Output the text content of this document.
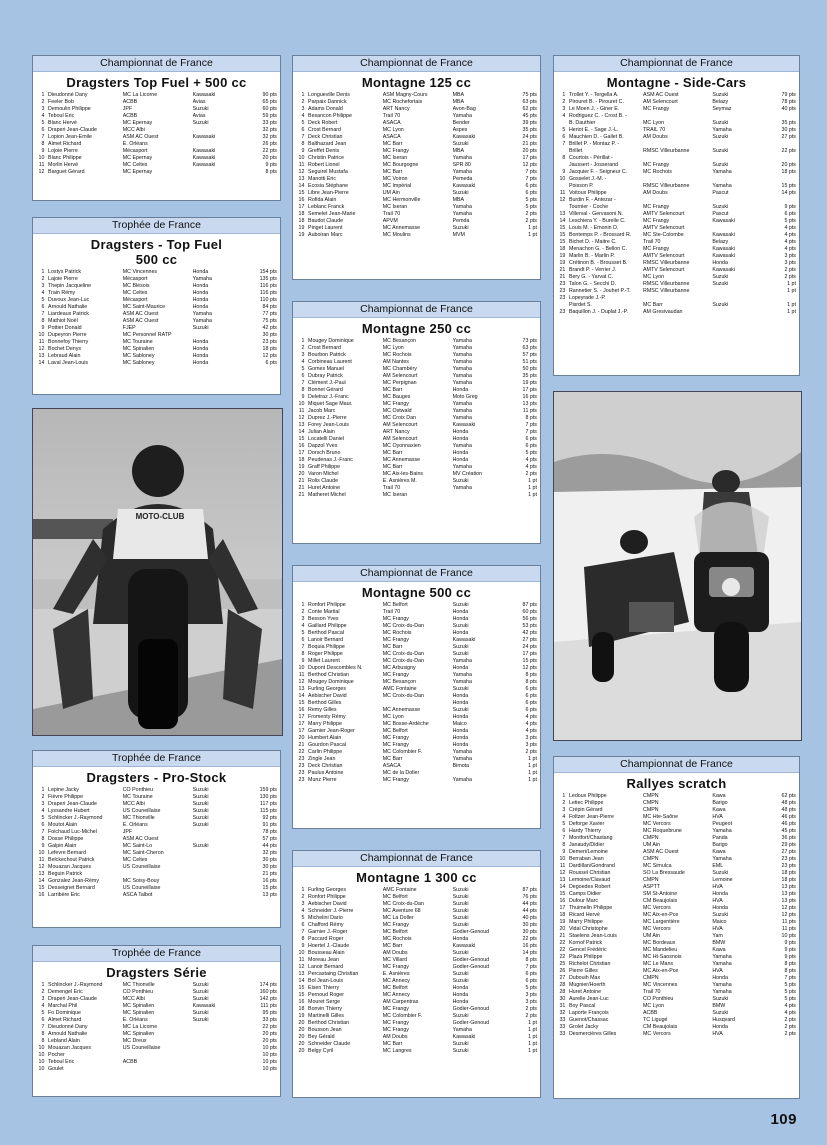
Championnat de France
Dragsters Top Fuel + 500 cc
1 Dieudonné Dany	MC La Licorne	Kawasaki	90 pts
2 Feeler Bob	ACBB	Avias	65 pts
3 Demoulin Philippe	JPF	Suzuki	60 pts
4 Teboul Eric	ACBB	Avias	59 pts
5 Blanc Hervé	MC Epernay	Suzuki	33 pts
6 Draperi Jean-Claude	MCC Albi	32 pts
7 Lopion Jean-Emile	ASM AC Ouest	Kawasaki	32 pts
8 Almet Richard	E. Orléans	26 pts
9 Lojoie Pierre	Mécasport	Kawasaki	22 pts
10 Blanc Philippe	MC Epernay	Kawasaki	20 pts
11 Morlin Hervé	MC Celtes	Kawasaki	9 pts
12 Barguet Gérard	MC Epernay	8 pts
Trophée de France
Dragsters - Top Fuel
500 cc
1 Lostys Patrick	MC Vincennes	Honda	154 pts
2 Lajoie Pierre	Mécasport	Yamaha	135 pts
3 Thepin Jacqueline	MC Blésois	Honda	116 pts
4 Train Rémy	MC Celtes	Honda	116 pts
5 Duvoux Jean-Luc	Mécasport	Honda	110 pts
6 Arnould Nathalie	MC Saint-Maurice	Honda	84 pts
7 Liardeaux Patrick	ASM AC Ouest	Yamaha	77 pts
8 Mathiot Noël	ASM AC Ouest	Yamaha	75 pts
9 Pottier Donald	FJEP	Suzuki	42 pts
10 Dupeyron Pierre	MC Personnel RATP	30 pts
11 Bonnefoy Thierry	MC Touraine	Honda	23 pts
12 Bochet Denys	MC Spinalien	Honda	18 pts
13 Lebraud Alain	MC Sabloney	Honda	12 pts
14 Laval Jean-Louis	MC Sabloney	Honda	6 pts
MOTO-CLUB
Trophée de France
Dragsters - Pro-Stock
1 Lepine Jacky	CO Ponthieu	Suzuki	159 pts
2 Fièvre Philippe	MC Touraine	Suzuki	130 pts
3 Draperi Jean-Claude	MCC Albi	Suzuki	117 pts
4 Lyssandre Hubert	US Couneillaise	Suzuki	115 pts
5 Schlincker J.-Raymond	MC Thionville	Suzuki	92 pts
6 Moutot Alain	E. Orléans	Suzuki	91 pts
7 Foichaud Luc-Michel	JPF	78 pts
8 Dosse Philippe	ASM AC Ouest	57 pts
9 Galpin Alain	MC Saint-Lo	Suzuki	44 pts
10 Lefevre Bernard	MC Saint-Cheron	32 pts
11 Belckechout Patrick	MC Celtes	30 pts
12 Mouazan Jacques	US Couneillaise	30 pts
13 Beguin Patrick	21 pts
14 Gonzalez Jean-Rémy	MC Soisy-Bouy	16 pts
15 Desseignet Bernard	US Couneillaise	15 pts
16 Larribère Eric	ASCA Talbot	13 pts
Trophée de France
Dragsters Série
1 Schlincker J.-Raymond	MC Thionville	Suzuki	174 pts
2 Demengel Eric	CO Ponthieu	Suzuki	160 pts
3 Draperi Jean-Claude	MCC Albi	Suzuki	142 pts
4 Marchal Phil	MC Spinalien	Kawasaki	111 pts
5 Fo Dominique	MC Spinalien	Suzuki	95 pts
6 Almet Richard	E. Orléans	Suzuki	33 pts
7 Dieudonné Dany	MC La Licorne	22 pts
8 Arnould Nathalie	MC Spinalien	20 pts
8 Lebland Alain	MC Dreux	20 pts
10 Mouazan Jacques	US Couneillaise	10 pts
10 Pocher	10 pts
10 Teboul Eric	ACBB	10 pts
10 Goulet	10 pts
Championnat de France
Montagne 125 cc
1 Longueville Denis	ASM Magny-Cours	MBA	75 pts
2 Parpaix Dannick	MC Rochefortais	MBA	63 pts
3 Adams Donald	ART Nancy	Avon-Bag	62 pts
4 Besancon Philippe	Trail 70	Yamaha	45 pts
5 Deck Robert	ASACA	Bender	39 pts
6 Crost Bernard	MC Lyon	Aspes	35 pts
7 Deck Christian	ASACA	Kawasaki	24 pts
8 Balthazard Jean	MC Barr	Suzuki	21 pts
9 Greffet Denis	MC Frangy	MBA	20 pts
10 Christin Patrice	MC Iseran	Yamaha	17 pts
11 Robert Lionel	MC Bourgogne	SPR 80	12 pts
12 Seguirel Mustafa	MC Barr	Yamaha	7 pts
13 Manotti Eric	MC Voiron	Pemeda	7 pts
14 Ecosia Stéphane	MC Impérial	Kawasaki	6 pts
15 Libre Jean-Pierre	UM Ain	Suzuki	6 pts
16 Rofida Alain	MC Hermonville	MBA	5 pts
17 Leblanc Franck	MC Iseran	Yamaha	5 pts
18 Semelet Jean-Marie	Trail 70	Yamaha	2 pts
18 Baudot Claude	APVM	Pemda	2 pts
19 Pinget Laurent	MC Annemasse	Suzuki	1 pt
19 Auboiran Marc	MC Moulins	MVM	1 pt
Championnat de France
Montagne 250 cc
1 Mougey Dominique	MC Besançon	Yamaha	73 pts
2 Crost Bernard	MC Lyon	Yamaha	63 pts
3 Bourbon Patrick	MC Rochois	Yamaha	57 pts
4 Corbineau Laurent	AM Nantes	Yamaha	51 pts
5 Gomes Manuel	MC Chambéry	Yamaha	50 pts
6 Dubray Patrick	AM Selencourt	Yamaha	35 pts
7 Clément J.-Paul	MC Perpignan	Yamaha	19 pts
8 Bonnet Gérard	MC Barr	Honda	17 pts
9 Deletraz J.-Franc	MC Bauges	Moto Greg	16 pts
10 Miquet Sage Maur.	MC Frangy	Yamaha	13 pts
11 Jacob Marc	MC Ostwald	Yamaha	11 pts
12 Duprez J.-Pierre	MC Croix Dan	Yamaha	8 pts
13 Forey Jean-Louis	AM Selencourt	Kawasaki	7 pts
14 Julian Alain	ART Nancy	Honda	7 pts
15 Locatelli Daniel	AM Selencourt	Honda	6 pts
16 Dapzol Yves	MC Oyonnaxien	Yamaha	6 pts
17 Dorsch Bruno	MC Barr	Honda	5 pts
18 Peudenas J.-Franc	MC Annemasse	Honda	4 pts
19 Graff Philippe	MC Barr	Yamaha	4 pts
20 Varon Michel	MC Aix-les-Bains	MV Création	2 pts
21 Rolis Claude	E. Asnières M.	Suzuki	1 pt
21 Huret Antoine	Trail 70	Yamaha	1 pt
21 Matheret Michel	MC Iseran	1 pt
Championnat de France
Montagne 500 cc
1 Ronfort Philippe	MC Belfort	Suzuki	87 pts
2 Conte Martial	Trail 70	Honda	60 pts
3 Besson Yves	MC Frangy	Honda	56 pts
4 Gaillard Philippe	MC Croix-du-Dan	Suzuki	53 pts
5 Berthod Pascal	MC Rochois	Honda	42 pts
6 Lanoir Bernard	MC Frangy	Kawasaki	27 pts
7 Boquia Philippe	MC Barr	Suzuki	24 pts
8 Roger Philippe	MC Croix-du-Dan	Suzuki	17 pts
9 Millet Laurent	MC Croix-du-Dan	Yamaha	15 pts
10 Dupont Descombles N.	MC Arbusigny	Honda	12 pts
11 Berthod Christian	MC Frangy	Yamaha	8 pts
12 Mougey Dominique	MC Besançon	Yamaha	8 pts
13 Furling Georges	AMC Fontaine	Suzuki	6 pts
14 Aebischer David	MC Croix-du-Dan	Honda	6 pts
15 Berthod Gilles	Honda	6 pts
16 Remy Gilles	MC Annemasse	Suzuki	6 pts
17 Fromenty Rémy	MC Lyon	Honda	4 pts
17 Marry Philippe	MC Bosse-Ardèche	Maico	4 pts
17 Garnier Jean-Roger	MC Belfort	Honda	4 pts
20 Humbert Alain	MC Frangy	Honda	3 pts
21 Gourdon Pascal	MC Frangy	Honda	3 pts
22 Carlin Philippe	MC Colombier F.	Yamaha	2 pts
23 Zingle Jean	MC Barr	Yamaha	1 pt
23 Deck Christian	ASACA	Bimota	1 pt
23 Paulus Antoine	MC de la Doller	1 pt
23 Munz Pierre	MC Frangy	Yamaha	1 pt
Championnat de France
Montagne 1 300 cc
1 Furling Georges	AMC Fontaine	Suzuki	87 pts
2 Ronfort Philippe	MC Belfort	Suzuki	76 pts
3 Aebischer David	MC Croix-du-Dan	Suzuki	44 pts
4 Schneider J.-Pierre	MC Aventure 68	Suzuki	44 pts
5 Michelini Dario	MC La Doller	Suzuki	40 pts
6 Chafford Rémy	MC Frangy	Suzuki	30 pts
7 Garnier J.-Roger	MC Belfort	Godier-Genoud	30 pts
8 Paccard Roger	MC Rochois	Honda	22 pts
9 Hoertel J.-Claude	MC Barr	Kawasaki	16 pts
10 Bousseau Alain	AM Doubs	Suzuki	14 pts
11 Moreau Jean	MC Villard	Godier-Genoud	8 pts
12 Lanoir Bernard	MC Frangy	Godier-Genoud	7 pts
13 Percastaing Christian	E. Asnières	Suzuki	6 pts
14 Bol Jean-Louis	MC Annecy	Suzuki	6 pts
15 Eisen Thierry	MC Belfort	Honda	5 pts
15 Pernoud Roger	MC Annecy	Honda	3 pts
16 Mouret Serge	AM Carpentras	Honda	3 pts
18 Bonvin Thierry	MC Frangy	Godier-Genoud	2 pts
19 Martinelli Gilles	MC Colombier F.	Suzuki	2 pts
20 Berthod Christian	MC Frangy	Godier-Genoud	1 pt
20 Bousson Jean	MC Frangy	Yamaha	1 pt
20 Bey Gérald	AM Doubs	Kawasaki	1 pt
20 Schneider Claude	MC Barr	Suzuki	1 pt
20 Belgy Cyril	MC Langres	Suzuki	1 pt
Championnat de France
Montagne - Side-Cars
1 Trollet Y. - Tergella A.	ASM AC Ouest	Suzuki	79 pts
2 Pirouret B. - Pirouret C.	AM Selencourt	Belazy	78 pts
3 Le Moen J. - Giner E.	MC Frangy	Seymaz	40 pts
4 Rodriguez C. - Crost B. -
B. Dauthier	MC Lyon	Suzuki	35 pts
5 Heriot E. - Sage J.-L.	TRAIL 70	Yamaha	30 pts
6 Mauchien D. - Gallet B.	AM Doubs	Suzuki	27 pts
7 Brillet P. - Montaz P. -
Brillet	RMSC Villeurbanne	Suzuki	22 pts
8 Courtois - Périllat -
Jaussert - Josserand	MC Frangy	Suzuki	20 pts
9 Jacquier F. - Seigneur C.	MC Rochois	Yamaha	18 pts
10 Gosselet J.-M. -
Poisson P.	RMSC Villeurbanne	Yamaha	15 pts
11 Voitoux Philippe	AM Doubs	Pascut	14 pts
12 Burdin F. - Antezar -
Tournier - Coche	MC Frangy	Suzuki	9 pts
13 Villerval - Gervasoni N.	AMTV Selencourt	Pascut	6 pts
14 Leschiera Y. - Burelle C.	MC Frangy	Kawasaki	5 pts
15 Louis M. - Emonin D.	AMTV Selencourt	4 pts
15 Bontemps P. - Brossard R.	MC Ste-Colombe	Kawasaki	4 pts
15 Bichet D. - Maitre C.	Trail 70	Belazy	4 pts
18 Menachon G. - Bellon C.	MC Frangy	Kawasaki	4 pts
19 Marlin B. - Marlin P.	AMTV Selencourt	Kawasaki	3 pts
19 Crétinon B. - Brousset B.	RMSC Villeurbanne	Honda	3 pts
21 Brandt P. - Verrier J.	AMTV Selencourt	Kawasaki	2 pts
21 Bery G. - Yarvat C.	MC Lyon	Suzuki	2 pts
23 Talon G. - Secchi D.	RMSC Villeurbanne	Suzuki	1 pt
23 Rannetier S. - Jouhet P.-T.	RMSC Villeurbanne	1 pt
23 Lopeyrade J.-P.
Pisrdet S.	MC Barr	Suzuki	1 pt
23 Baquillon J. - Duplat J.-P.	AM Gresivaudan	1 pt
Championnat de France
Rallyes scratch
1 Ledoux Philippe	CMPN	Kawa	62 pts
2 Letiec Philippe	CMPN	Barigo	48 pts
3 Crépin Gérard	CMPN	Kawa	48 pts
4 Foltzer Jean-Pierre	MC Hte-Saône	HVA	46 pts
5 Deforge Xavier	MC Vercors	Peugeot	46 pts
6 Hardy Thierry	MC Roquebrune	Yamaha	45 pts
7 Montfort/Chastang	CMPN	Panda	36 pts
8 Janaudy/Didier	UM Ain	Barigo	29 pts
9 Demeri/Lemoine	ASM AC Ouest	Kawa	27 pts
10 Berraban Jean	CMPN	Yamaha	23 pts
11 Dardillan/Gondrand	MC Simulca	EML	23 pts
12 Roussel Christian	SO La Bressaude	Suzuki	18 pts
13 Lemoine/Clavaud	CMPN	Lemoine	18 pts
14 Degoedes Robert	ASPTT	HVA	13 pts
15 Camps Didier	SM St-Antoine	Honda	13 pts
16 Dufour Marc	CM Beaujolais	HVA	13 pts
17 Thuimelin Philippe	MC Vercors	Honda	12 pts
18 Ricard Hervé	MC Aix-en-Pce	Suzuki	12 pts
19 Marry Philippe	MC Largentière	Maico	11 pts
20 Vidal Christophe	MC Vercors	HVA	11 pts
21 Staelens Jean-Louis	UM Ain	Yam	10 pts
22 Kornof Patrick	MC Bordeaux	BMW	9 pts
22 Gencel Frédéric	MC Mandelieu	Kawa	9 pts
22 Plaza Philippe	MC Ht-Saosnois	Yamaha	9 pts
25 Richelot Christian	MC Le Mans	Yamaha	8 pts
26 Pierre Gilles	MC Aix-en-Pce	HVA	8 pts
27 Dubouih Max	CMPN	Honda	7 pts
28 Mugnier/Hoerth	MC Vincennes	Yamaha	5 pts
28 Huret Antoine	Trail 70	Yamaha	5 pts
30 Aurelle Jean-Luc	CO Ponthieu	Suzuki	5 pts
31 Boy Pascal	MC Lyon	BMW	4 pts
32 Laporte François	ACBB	Suzuki	4 pts
33 Guenot/Chassac	TC Ligugé	Husqvard	2 pts
33 Grolet Jacky	CM Beaujolais	Honda	2 pts
33 Desmercières Gilles	MC Vercors	HVA	2 pts
109
